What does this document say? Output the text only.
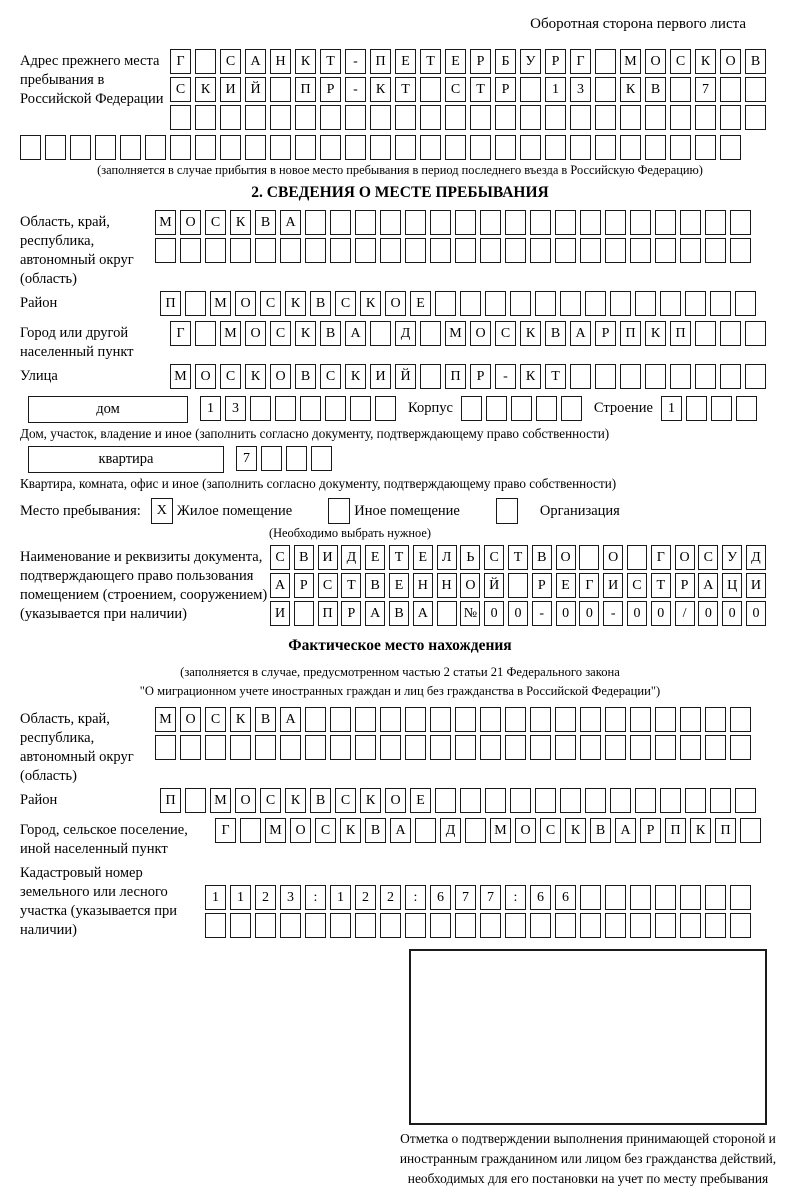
Оборотная сторона первого листа
Адрес прежнего места пребывания в Российской Федерации
Г	С	А	Н	К	Т	-	П	Е	Т	Е	Р	Б	У	Р	Г	М О	С	К	О	В
С	К	И	Й	П	Р	-	К	Т	С	Т	Р	1	3	К	В	7
(заполняется в случае прибытия в новое место пребывания в период последнего въезда в Российскую Федерацию)
2. СВЕДЕНИЯ О МЕСТЕ ПРЕБЫВАНИЯ
Область, край, республика, автономный округ (область)
М О	С	К	В	А
Район	П	М О	С	К	В	С	К	О	Е
Город или другой населенный пункт
Г	М О	С	К	В	А	Д	М О	С	К	В	А	Р	П	К	П
Улица	М О	С	К	О	В	С	К	И	Й	П	Р	-	К	Т
дом	1	3	Корпус	Строение	1
Дом, участок, владение и иное (заполнить согласно документу, подтверждающему право собственности)
квартира	7
Квартира, комната, офис и иное (заполнить согласно документу, подтверждающему право собственности)
Место пребывания:	X Жилое помещение	Иное помещение	Организация
(Необходимо выбрать нужное)
Наименование и реквизиты документа, подтверждающего право пользования помещением (строением, сооружением) (указывается при наличии)
С	В	И Д	Е	Т	Е	Л	Ь	С	Т	В	О	О	Г	О	С	У	Д
А	Р	С	Т	В	Е	Н Н О Й	Р	Е	Г	И	С	Т	Р	А Ц И
И	П	Р	А	В	А	№ 0	0	-	0	0	-	0	0	/	0	0	0
Фактическое место нахождения
(заполняется в случае, предусмотренном частью 2 статьи 21 Федерального закона
"О миграционном учете иностранных граждан и лиц без гражданства в Российской Федерации")
Область, край, республика, автономный округ (область)
М О	С	К	В	А
Район	П	М О	С	К	В	С	К	О	Е
Город, сельское поселение, иной населенный пункт
Г	М О	С	К	В	А	Д	М О	С	К	В	А	Р	П	К	П
Кадастровый номер земельного или лесного участка (указывается при наличии)
1	1	2	3	:	1	2	2	:	6	7	7	:	6	6
Отметка о подтверждении выполнения принимающей стороной и иностранным гражданином или лицом без гражданства действий, необходимых для его постановки на учет по месту пребывания
